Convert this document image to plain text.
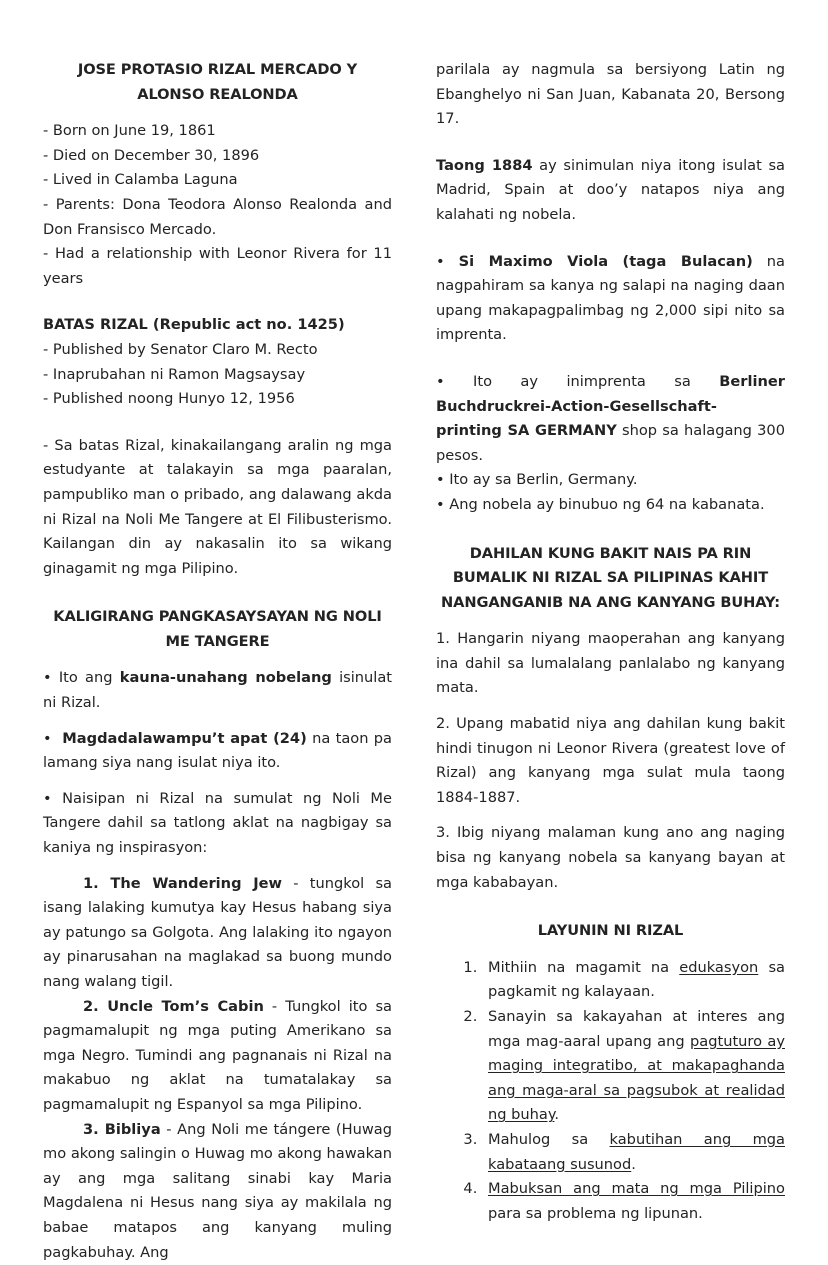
JOSE PROTASIO RIZAL MERCADO Y ALONSO REALONDA

- Born on June 19, 1861

- Died on December 30, 1896

- Lived in Calamba Laguna

- Parents: Dona Teodora Alonso Realonda and Don Fransisco Mercado.

- Had a relationship with Leonor Rivera for 11 years

BATAS RIZAL (Republic act no. 1425)

- Published by Senator Claro M. Recto

- Inaprubahan ni Ramon Magsaysay

- Published noong Hunyo 12, 1956

- Sa batas Rizal, kinakailangang aralin ng mga estudyante at talakayin sa mga paaralan, pampubliko man o pribado, ang dalawang akda ni Rizal na Noli Me Tangere at El Filibusterismo. Kailangan din ay nakasalin ito sa wikang ginagamit ng mga Pilipino.

KALIGIRANG PANGKASAYSAYAN NG NOLI ME TANGERE

• Ito ang kauna-unahang nobelang isinulat ni Rizal.

• Magdadalawampu’t apat (24) na taon pa lamang siya nang isulat niya ito.

• Naisipan ni Rizal na sumulat ng Noli Me Tangere dahil sa tatlong aklat na nagbigay sa kaniya ng inspirasyon:

1. The Wandering Jew - tungkol sa isang lalaking kumutya kay Hesus habang siya ay patungo sa Golgota. Ang lalaking ito ngayon ay pinarusahan na maglakad sa buong mundo nang walang tigil.

2. Uncle Tom’s Cabin - Tungkol ito sa pagmamalupit ng mga puting Amerikano sa mga Negro. Tumindi ang pagnanais ni Rizal na makabuo ng aklat na tumatalakay sa pagmamalupit ng Espanyol sa mga Pilipino.

3. Bibliya - Ang Noli me tángere (Huwag mo akong salingin o Huwag mo akong hawakan ay ang mga salitang sinabi kay Maria Magdalena ni Hesus nang siya ay makilala ng babae matapos ang kanyang muling pagkabuhay. Ang

parilala ay nagmula sa bersiyong Latin ng Ebanghelyo ni San Juan, Kabanata 20, Bersong 17.

Taong 1884 ay sinimulan niya itong isulat sa Madrid, Spain at doo’y natapos niya ang kalahati ng nobela.

• Si Maximo Viola (taga Bulacan) na nagpahiram sa kanya ng salapi na naging daan upang makapagpalimbag ng 2,000 sipi nito sa imprenta.

• Ito ay inimprenta sa Berliner Buchdruckrei-Action-Gesellschaft- printing SA GERMANY shop sa halagang 300 pesos.

• Ito ay sa Berlin, Germany.

• Ang nobela ay binubuo ng 64 na kabanata.

DAHILAN KUNG BAKIT NAIS PA RIN BUMALIK NI RIZAL SA PILIPINAS KAHIT NANGANGANIB NA ANG KANYANG BUHAY:

1. Hangarin niyang maoperahan ang kanyang ina dahil sa lumalalang panlalabo ng kanyang mata.

2. Upang mabatid niya ang dahilan kung bakit hindi tinugon ni Leonor Rivera (greatest love of Rizal) ang kanyang mga sulat mula taong 1884-1887.

3. Ibig niyang malaman kung ano ang naging bisa ng kanyang nobela sa kanyang bayan at mga kababayan.

LAYUNIN NI RIZAL
1. Mithiin na magamit na edukasyon sa pagkamit ng kalayaan.
2. Sanayin sa kakayahan at interes ang mga mag-aaral upang ang pagtuturo ay maging integratibo, at makapaghanda ang maga-aral sa pagsubok at realidad ng buhay.
3. Mahulog sa kabutihan ang mga kabataang susunod.
4. Mabuksan ang mata ng mga Pilipino para sa problema ng lipunan.
